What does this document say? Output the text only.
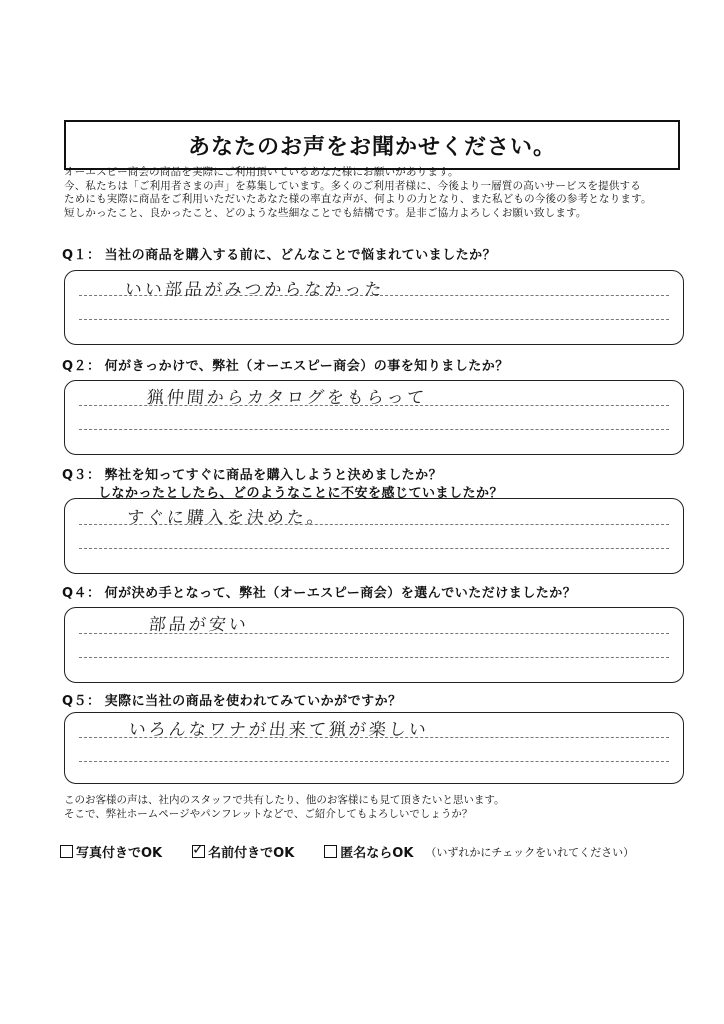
あなたのお声をお聞かせください。
オーエスピー商会の商品を実際にご利用頂いているあなた様にお願いがあります。
今、私たちは「ご利用者さまの声」を募集しています。多くのご利用者様に、今後より一層質の高いサービスを提供する
ためにも実際に商品をご利用いただいたあなた様の率直な声が、何よりの力となり、また私どもの今後の参考となります。
短しかったこと、良かったこと、どのような些細なことでも結構です。是非ご協力よろしくお願い致します。
Q１： 当社の商品を購入する前に、どんなことで悩まれていましたか？
いい部品がみつからなかった
Q２： 何がきっかけで、弊社（オーエスピー商会）の事を知りましたか？
猟仲間からカタログをもらって
Q３： 弊社を知ってすぐに商品を購入しようと決めましたか？
しなかったとしたら、どのようなことに不安を感じていましたか？
すぐに購入を決めた。
Q４： 何が決め手となって、弊社（オーエスピー商会）を選んでいただけましたか？
部品が安い
Q５： 実際に当社の商品を使われてみていかがですか？
いろんなワナが出来て猟が楽しい
このお客様の声は、社内のスタッフで共有したり、他のお客様にも見て頂きたいと思います。
そこで、弊社ホームページやパンフレットなどで、ご紹介してもよろしいでしょうか？
写真付きでOK ✓ 名前付きでOK	匿名ならOK （いずれかにチェックをいれてください）
